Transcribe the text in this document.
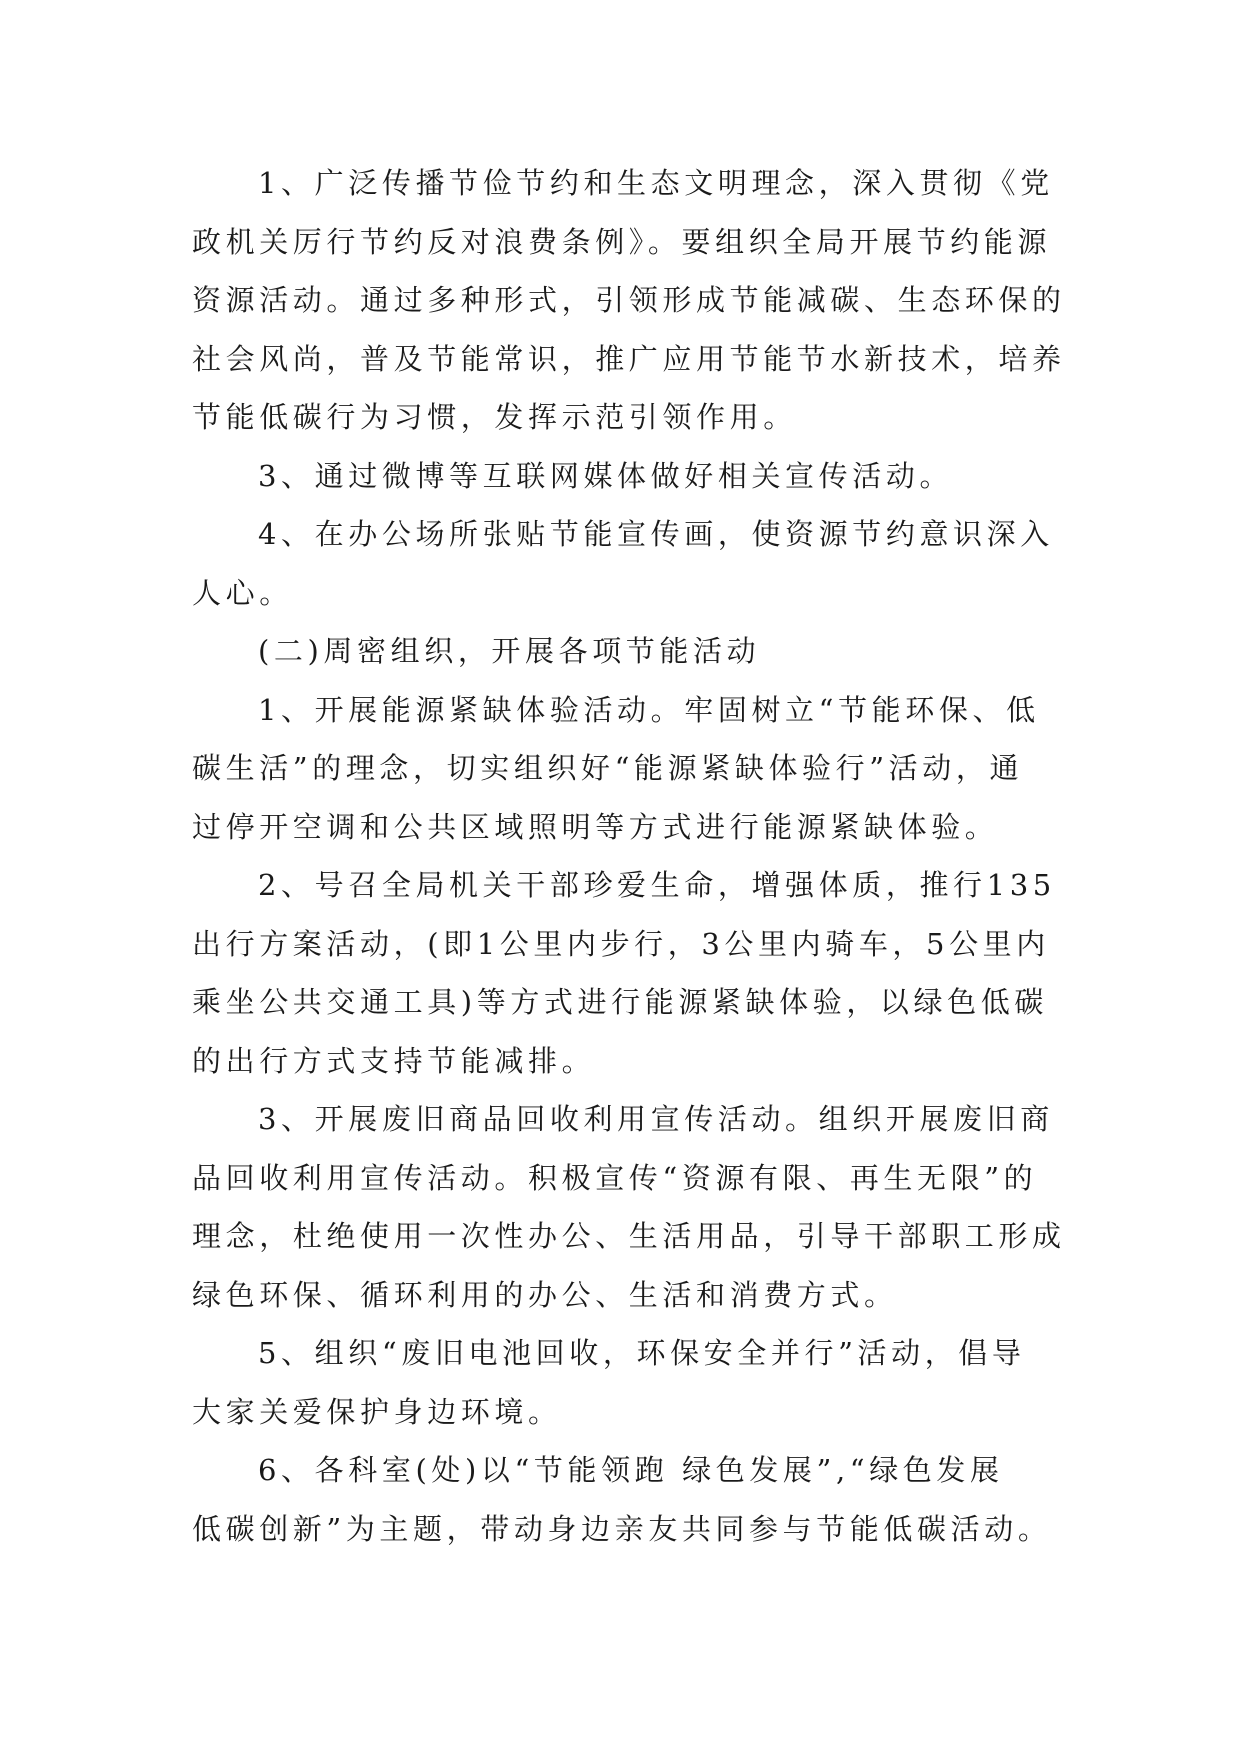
1、广泛传播节俭节约和生态文明理念，深入贯彻《党
政机关厉行节约反对浪费条例》。要组织全局开展节约能源
资源活动。通过多种形式，引领形成节能减碳、生态环保的
社会风尚，普及节能常识，推广应用节能节水新技术，培养
节能低碳行为习惯，发挥示范引领作用。

3、通过微博等互联网媒体做好相关宣传活动。

4、在办公场所张贴节能宣传画，使资源节约意识深入
人心。

(二)周密组织，开展各项节能活动

1、开展能源紧缺体验活动。牢固树立“节能环保、低
碳生活”的理念，切实组织好“能源紧缺体验行”活动，通
过停开空调和公共区域照明等方式进行能源紧缺体验。

2、号召全局机关干部珍爱生命，增强体质，推行135
出行方案活动，(即1公里内步行，3公里内骑车，5公里内
乘坐公共交通工具)等方式进行能源紧缺体验，以绿色低碳
的出行方式支持节能减排。

3、开展废旧商品回收利用宣传活动。组织开展废旧商
品回收利用宣传活动。积极宣传“资源有限、再生无限”的
理念，杜绝使用一次性办公、生活用品，引导干部职工形成
绿色环保、循环利用的办公、生活和消费方式。

5、组织“废旧电池回收，环保安全并行”活动，倡导
大家关爱保护身边环境。

6、各科室(处)以“节能领跑 绿色发展”,“绿色发展
低碳创新”为主题，带动身边亲友共同参与节能低碳活动。
